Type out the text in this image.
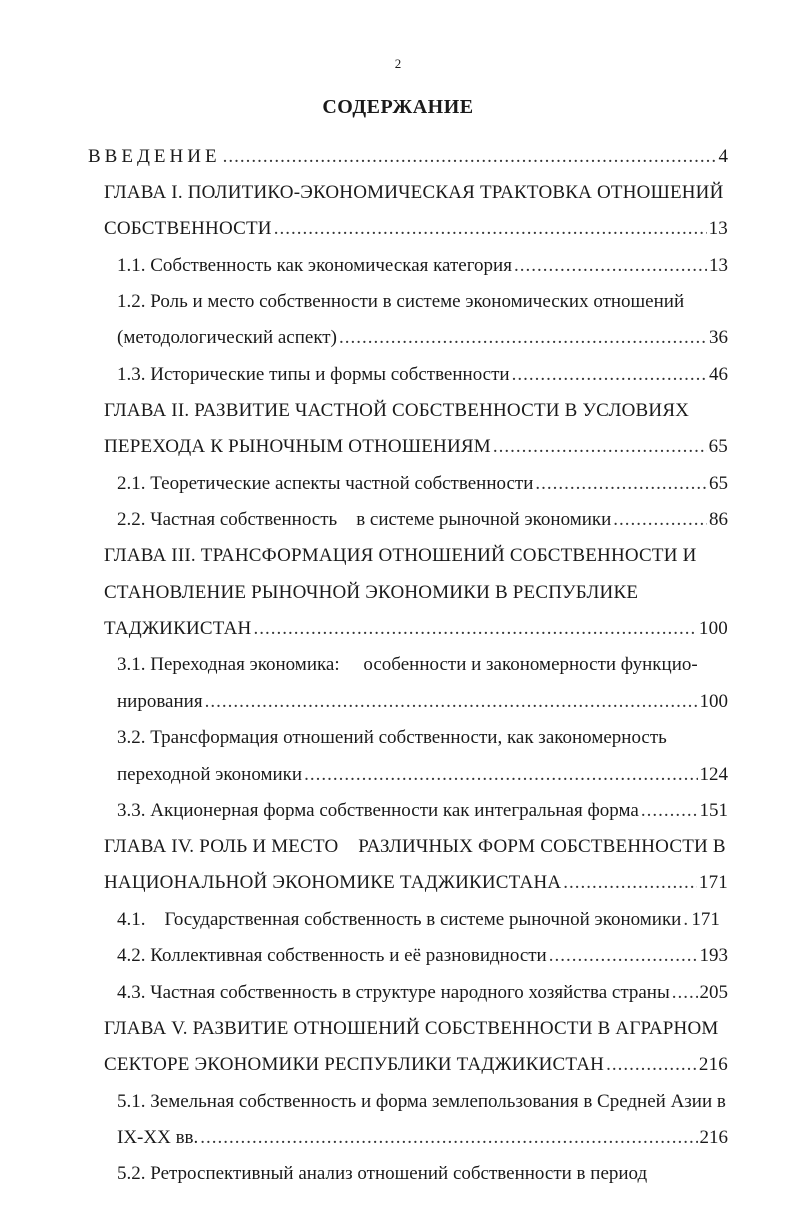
2
СОДЕРЖАНИЕ
ВВЕДЕНИЕ .....	4
ГЛАВА I. ПОЛИТИКО-ЭКОНОМИЧЕСКАЯ ТРАКТОВКА ОТНОШЕНИЙ
СОБСТВЕННОСТИ .....	13
1.1. Собственность как экономическая категория .....	13
1.2. Роль и место собственности в системе экономических отношений
(методологический аспект) .....	36
1.3. Исторические типы и формы собственности .....	46
ГЛАВА II. РАЗВИТИЕ ЧАСТНОЙ СОБСТВЕННОСТИ В УСЛОВИЯХ
ПЕРЕХОДА К РЫНОЧНЫМ ОТНОШЕНИЯМ .....	65
2.1. Теоретические аспекты частной собственности .....	65
2.2. Частная собственность    в системе рыночной экономики .....	86
ГЛАВА III. ТРАНСФОРМАЦИЯ ОТНОШЕНИЙ СОБСТВЕННОСТИ И
СТАНОВЛЕНИЕ РЫНОЧНОЙ ЭКОНОМИКИ В РЕСПУБЛИКЕ
ТАДЖИКИСТАН .....	100
3.1. Переходная экономика:     особенности и закономерности функцио-
нирования .....	100
3.2. Трансформация отношений собственности, как закономерность
переходной экономики .....	124
3.3. Акционерная форма собственности как интегральная форма .....	151
ГЛАВА IV. РОЛЬ И МЕСТО    РАЗЛИЧНЫХ ФОРМ СОБСТВЕННОСТИ В
НАЦИОНАЛЬНОЙ ЭКОНОМИКЕ ТАДЖИКИСТАНА .....	171
4.1.    Государственная собственность в системе рыночной экономики ..... 171
4.2. Коллективная собственность и её разновидности .....	193
4.3. Частная собственность в структуре народного хозяйства страны ..... 205
ГЛАВА V. РАЗВИТИЕ ОТНОШЕНИЙ СОБСТВЕННОСТИ В АГРАРНОМ
СЕКТОРЕ ЭКОНОМИКИ РЕСПУБЛИКИ ТАДЖИКИСТАН .....	216
5.1. Земельная собственность и форма землепользования в Средней Азии в
IX-XX вв. .....	216
5.2. Ретроспективный анализ отношений собственности в период
